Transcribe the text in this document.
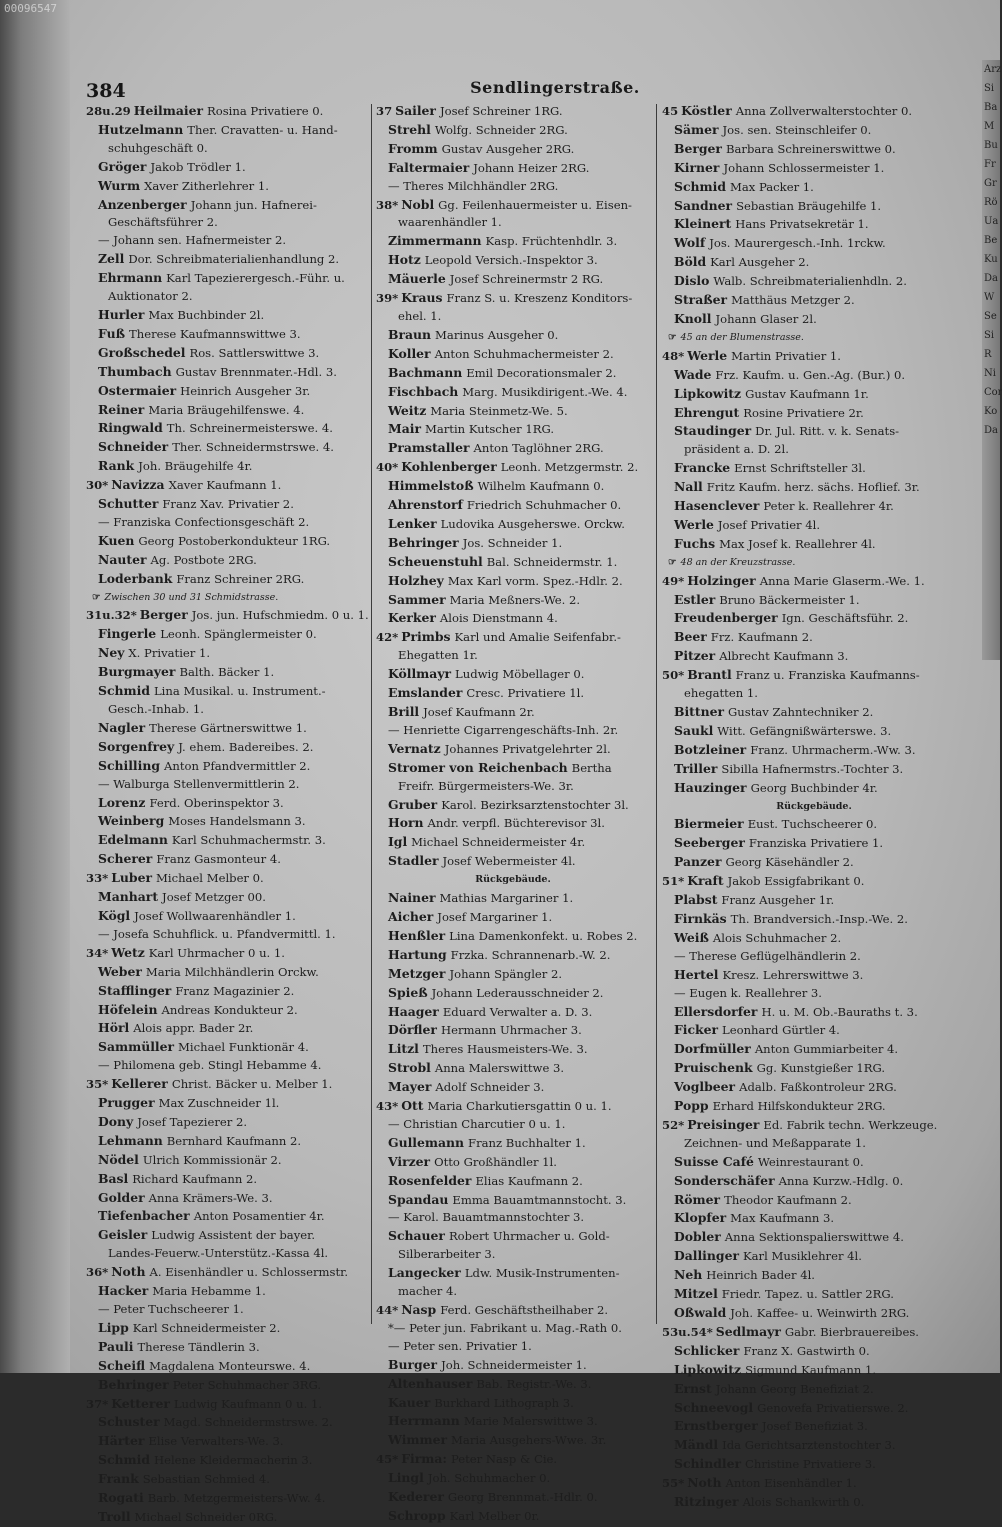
00096547
Arz
Si
Ba
M
Bu
Fr
Gr
Rö
Ua
Be
Ku
Da
W
Se
Si
R
Ni
Cor
Ko
Da
384	Sendlingerstraße.
28u.29 Heilmaier Rosina Privatiere 0.
Hutzelmann Ther. Cravatten- u. Hand-
schuhgeschäft 0.
Gröger Jakob Trödler 1.
Wurm Xaver Zitherlehrer 1.
Anzenberger Johann jun. Hafnerei-
Geschäftsführer 2.
— Johann sen. Hafnermeister 2.
Zell Dor. Schreibmaterialienhandlung 2.
Ehrmann Karl Tapezierergesch.-Führ. u.
Auktionator 2.
Hurler Max Buchbinder 2l.
Fuß Therese Kaufmannswittwe 3.
Großschedel Ros. Sattlerswittwe 3.
Thumbach Gustav Brennmater.-Hdl. 3.
Ostermaier Heinrich Ausgeher 3r.
Reiner Maria Bräugehilfenswe. 4.
Ringwald Th. Schreinermeisterswe. 4.
Schneider Ther. Schneidermstrswe. 4.
Rank Joh. Bräugehilfe 4r.
30* Navizza Xaver Kaufmann 1.
Schutter Franz Xav. Privatier 2.
— Franziska Confectionsgeschäft 2.
Kuen Georg Postoberkondukteur 1RG.
Nauter Ag. Postbote 2RG.
Loderbank Franz Schreiner 2RG.
☞ Zwischen 30 und 31 Schmidstrasse.
31u.32* Berger Jos. jun. Hufschmiedm. 0 u. 1.
Fingerle Leonh. Spänglermeister 0.
Ney X. Privatier 1.
Burgmayer Balth. Bäcker 1.
Schmid Lina Musikal. u. Instrument.-
Gesch.-Inhab. 1.
Nagler Therese Gärtnerswittwe 1.
Sorgenfrey J. ehem. Badereibes. 2.
Schilling Anton Pfandvermittler 2.
— Walburga Stellenvermittlerin 2.
Lorenz Ferd. Oberinspektor 3.
Weinberg Moses Handelsmann 3.
Edelmann Karl Schuhmachermstr. 3.
Scherer Franz Gasmonteur 4.
33* Luber Michael Melber 0.
Manhart Josef Metzger 00.
Kögl Josef Wollwaarenhändler 1.
— Josefa Schuhflick. u. Pfandvermittl. 1.
34* Wetz Karl Uhrmacher 0 u. 1.
Weber Maria Milchhändlerin Orckw.
Stafflinger Franz Magazinier 2.
Höfelein Andreas Kondukteur 2.
Hörl Alois appr. Bader 2r.
Sammüller Michael Funktionär 4.
— Philomena geb. Stingl Hebamme 4.
35* Kellerer Christ. Bäcker u. Melber 1.
Prugger Max Zuschneider 1l.
Dony Josef Tapezierer 2.
Lehmann Bernhard Kaufmann 2.
Nödel Ulrich Kommissionär 2.
Basl Richard Kaufmann 2.
Golder Anna Krämers-We. 3.
Tiefenbacher Anton Posamentier 4r.
Geisler Ludwig Assistent der bayer.
Landes-Feuerw.-Unterstütz.-Kassa 4l.
36* Noth A. Eisenhändler u. Schlossermstr.
Hacker Maria Hebamme 1.
— Peter Tuchscheerer 1.
Lipp Karl Schneidermeister 2.
Pauli Therese Tändlerin 3.
Scheifl Magdalena Monteurswe. 4.
Behringer Peter Schuhmacher 3RG.
37* Ketterer Ludwig Kaufmann 0 u. 1.
Schuster Magd. Schneidermstrswe. 2.
Härter Elise Verwalters-We. 3.
Schmid Helene Kleidermacherin 3.
Frank Sebastian Schmied 4.
Rogati Barb. Metzgermeisters-Ww. 4.
Troll Michael Schneider 0RG.
37 Sailer Josef Schreiner 1RG.
Strehl Wolfg. Schneider 2RG.
Fromm Gustav Ausgeher 2RG.
Faltermaier Johann Heizer 2RG.
— Theres Milchhändler 2RG.
38* Nobl Gg. Feilenhauermeister u. Eisen-
waarenhändler 1.
Zimmermann Kasp. Früchtenhdlr. 3.
Hotz Leopold Versich.-Inspektor 3.
Mäuerle Josef Schreinermstr 2 RG.
39* Kraus Franz S. u. Kreszenz Konditors-
ehel. 1.
Braun Marinus Ausgeher 0.
Koller Anton Schuhmachermeister 2.
Bachmann Emil Decorationsmaler 2.
Fischbach Marg. Musikdirigent.-We. 4.
Weitz Maria Steinmetz-We. 5.
Mair Martin Kutscher 1RG.
Pramstaller Anton Taglöhner 2RG.
40* Kohlenberger Leonh. Metzgermstr. 2.
Himmelstoß Wilhelm Kaufmann 0.
Ahrenstorf Friedrich Schuhmacher 0.
Lenker Ludovika Ausgeherswe. Orckw.
Behringer Jos. Schneider 1.
Scheuenstuhl Bal. Schneidermstr. 1.
Holzhey Max Karl vorm. Spez.-Hdlr. 2.
Sammer Maria Meßners-We. 2.
Kerker Alois Dienstmann 4.
42* Primbs Karl und Amalie Seifenfabr.-
Ehegatten 1r.
Köllmayr Ludwig Möbellager 0.
Emslander Cresc. Privatiere 1l.
Brill Josef Kaufmann 2r.
— Henriette Cigarrengeschäfts-Inh. 2r.
Vernatz Johannes Privatgelehrter 2l.
Stromer von Reichenbach Bertha
Freifr. Bürgermeisters-We. 3r.
Gruber Karol. Bezirksarztenstochter 3l.
Horn Andr. verpfl. Büchterevisor 3l.
Igl Michael Schneidermeister 4r.
Stadler Josef Webermeister 4l.
Rückgebäude.
Nainer Mathias Margariner 1.
Aicher Josef Margariner 1.
Henßler Lina Damenkonfekt. u. Robes 2.
Hartung Frzka. Schrannenarb.-W. 2.
Metzger Johann Spängler 2.
Spieß Johann Lederausschneider 2.
Haager Eduard Verwalter a. D. 3.
Dörfler Hermann Uhrmacher 3.
Litzl Theres Hausmeisters-We. 3.
Strobl Anna Malerswittwe 3.
Mayer Adolf Schneider 3.
43* Ott Maria Charkutiersgattin 0 u. 1.
— Christian Charcutier 0 u. 1.
Gullemann Franz Buchhalter 1.
Virzer Otto Großhändler 1l.
Rosenfelder Elias Kaufmann 2.
Spandau Emma Bauamtmannstocht. 3.
— Karol. Bauamtmannstochter 3.
Schauer Robert Uhrmacher u. Gold-
Silberarbeiter 3.
Langecker Ldw. Musik-Instrumenten-
macher 4.
44* Nasp Ferd. Geschäftstheilhaber 2.
*— Peter jun. Fabrikant u. Mag.-Rath 0.
— Peter sen. Privatier 1.
Burger Joh. Schneidermeister 1.
Altenhauser Bab. Registr.-We. 3.
Kauer Burkhard Lithograph 3.
Herrmann Marie Malerswittwe 3.
Wimmer Maria Ausgehers-Wwe. 3r.
45* Firma: Peter Nasp & Cie.
Lingl Joh. Schuhmacher 0.
Kederer Georg Brennmat.-Hdlr. 0.
Schropp Karl Melber 0r.
45 Köstler Anna Zollverwalterstochter 0.
Sämer Jos. sen. Steinschleifer 0.
Berger Barbara Schreinerswittwe 0.
Kirner Johann Schlossermeister 1.
Schmid Max Packer 1.
Sandner Sebastian Bräugehilfe 1.
Kleinert Hans Privatsekretär 1.
Wolf Jos. Maurergesch.-Inh. 1rckw.
Böld Karl Ausgeher 2.
Dislo Walb. Schreibmaterialienhdln. 2.
Straßer Matthäus Metzger 2.
Knoll Johann Glaser 2l.
☞ 45 an der Blumenstrasse.
48* Werle Martin Privatier 1.
Wade Frz. Kaufm. u. Gen.-Ag. (Bur.) 0.
Lipkowitz Gustav Kaufmann 1r.
Ehrengut Rosine Privatiere 2r.
Staudinger Dr. Jul. Ritt. v. k. Senats-
präsident a. D. 2l.
Francke Ernst Schriftsteller 3l.
Nall Fritz Kaufm. herz. sächs. Hoflief. 3r.
Hasenclever Peter k. Reallehrer 4r.
Werle Josef Privatier 4l.
Fuchs Max Josef k. Reallehrer 4l.
☞ 48 an der Kreuzstrasse.
49* Holzinger Anna Marie Glaserm.-We. 1.
Estler Bruno Bäckermeister 1.
Freudenberger Ign. Geschäftsführ. 2.
Beer Frz. Kaufmann 2.
Pitzer Albrecht Kaufmann 3.
50* Brantl Franz u. Franziska Kaufmanns-
ehegatten 1.
Bittner Gustav Zahntechniker 2.
Saukl Witt. Gefängnißwärterswe. 3.
Botzleiner Franz. Uhrmacherm.-Ww. 3.
Triller Sibilla Hafnermstrs.-Tochter 3.
Hauzinger Georg Buchbinder 4r.
Rückgebäude.
Biermeier Eust. Tuchscheerer 0.
Seeberger Franziska Privatiere 1.
Panzer Georg Käsehändler 2.
51* Kraft Jakob Essigfabrikant 0.
Plabst Franz Ausgeher 1r.
Firnkäs Th. Brandversich.-Insp.-We. 2.
Weiß Alois Schuhmacher 2.
— Therese Geflügelhändlerin 2.
Hertel Kresz. Lehrerswittwe 3.
— Eugen k. Reallehrer 3.
Ellersdorfer H. u. M. Ob.-Bauraths t. 3.
Ficker Leonhard Gürtler 4.
Dorfmüller Anton Gummiarbeiter 4.
Pruischenk Gg. Kunstgießer 1RG.
Voglbeer Adalb. Faßkontroleur 2RG.
Popp Erhard Hilfskondukteur 2RG.
52* Preisinger Ed. Fabrik techn. Werkzeuge.
Zeichnen- und Meßapparate 1.
Suisse Café Weinrestaurant 0.
Sonderschäfer Anna Kurzw.-Hdlg. 0.
Römer Theodor Kaufmann 2.
Klopfer Max Kaufmann 3.
Dobler Anna Sektionspalierswittwe 4.
Dallinger Karl Musiklehrer 4l.
Neh Heinrich Bader 4l.
Mitzel Friedr. Tapez. u. Sattler 2RG.
Oßwald Joh. Kaffee- u. Weinwirth 2RG.
53u.54* Sedlmayr Gabr. Bierbrauereibes.
Schlicker Franz X. Gastwirth 0.
Lipkowitz Sigmund Kaufmann 1.
Ernst Johann Georg Benefiziat 2.
Schneevogl Genovefa Privatierswe. 2.
Ernstberger Josef Benefiziat 3.
Mändl Ida Gerichtsarztenstochter 3.
Schindler Christine Privatiere 3.
55* Noth Anton Eisenhändler 1.
Ritzinger Alois Schankwirth 0.
